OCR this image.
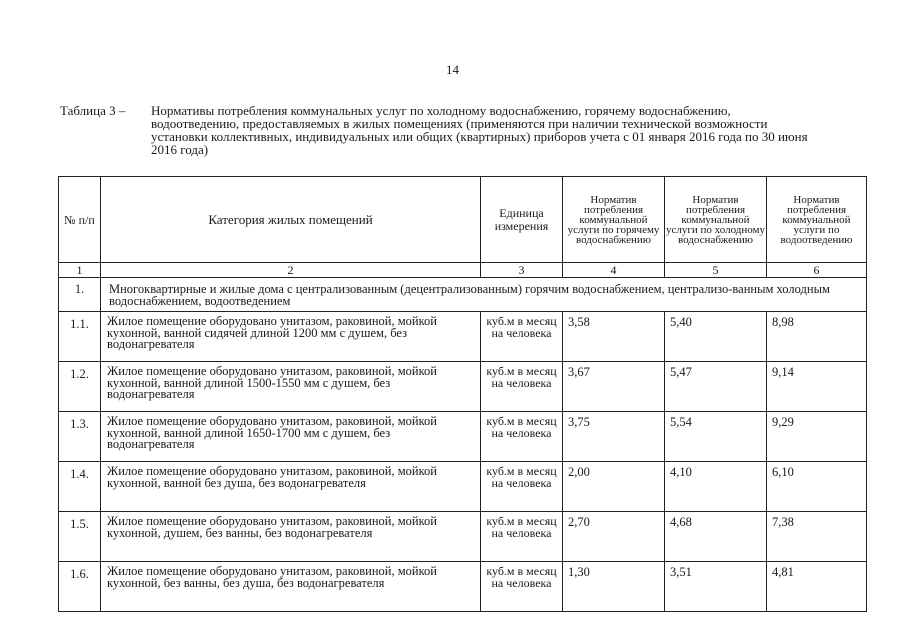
14
Таблица 3 – Нормативы потребления коммунальных услуг по холодному водоснабжению, горячему водоснабжению, водоотведению, предоставляемых в жилых помещениях (применяются при наличии технической возможности установки коллективных, индивидуальных или общих (квартирных) приборов учета с 01 января 2016 года по 30 июня 2016 года)
№ п/п	Категория жилых помещений	Единица измерения	Норматив потребления коммунальной услуги по горячему водоснабжению	Норматив потребления коммунальной услуги по холодному водоснабжению	Норматив потребления коммунальной услуги по водоотведению
1	2	3	4	5	6
1.	Многоквартирные и жилые дома с централизованным (децентрализованным) горячим водоснабжением, централизо-ванным холодным водоснабжением, водоотведением				
1.1.	Жилое помещение оборудовано унитазом, раковиной, мойкой кухонной, ванной сидячей длиной 1200 мм с душем, без водонагревателя	куб.м в месяц на человека	3,58	5,40	8,98
1.2.	Жилое помещение оборудовано унитазом, раковиной, мойкой кухонной, ванной длиной 1500-1550 мм с душем, без водонагревателя	куб.м в месяц на человека	3,67	5,47	9,14
1.3.	Жилое помещение оборудовано унитазом, раковиной, мойкой кухонной, ванной длиной 1650-1700 мм с душем, без водонагревателя	куб.м в месяц на человека	3,75	5,54	9,29
1.4.	Жилое помещение оборудовано унитазом, раковиной, мойкой кухонной, ванной без душа, без водонагревателя	куб.м в месяц на человека	2,00	4,10	6,10
1.5.	Жилое помещение оборудовано унитазом, раковиной, мойкой кухонной, душем, без ванны, без водонагревателя	куб.м в месяц на человека	2,70	4,68	7,38
1.6.	Жилое помещение оборудовано унитазом, раковиной, мойкой кухонной, без ванны, без душа, без водонагревателя	куб.м в месяц на человека	1,30	3,51	4,81
